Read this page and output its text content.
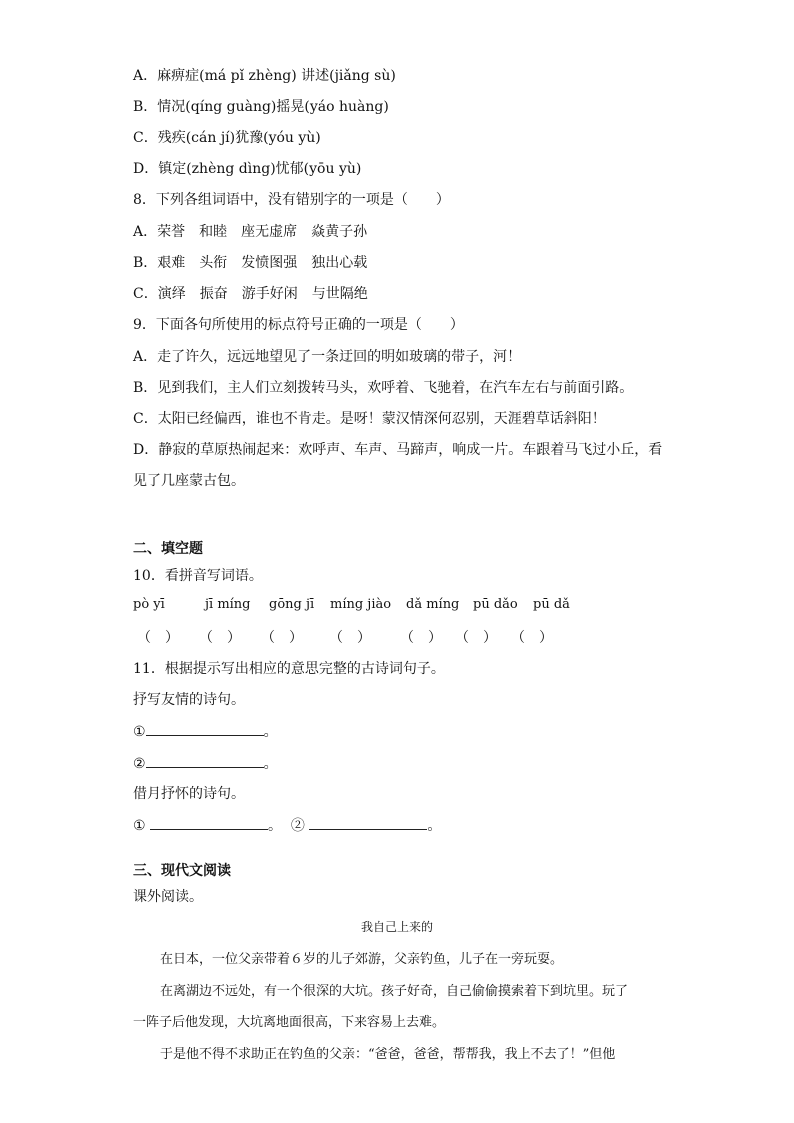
A．麻痹症(má pǐ zhèng) 讲述(jiǎng sù)
B．情况(qíng guàng)摇晃(yáo huàng)
C．残疾(cán jí)犹豫(yóu yù)
D．镇定(zhèng dìng)忧郁(yōu yù)
8．下列各组词语中，没有错别字的一项是（　　）
A．荣誉　和睦　座无虚席　焱黄子孙
B．艰难　头衔　发愤图强　独出心载
C．演绎　振奋　游手好闲　与世隔绝
9．下面各句所使用的标点符号正确的一项是（　　）
A．走了许久，远远地望见了一条迂回的明如玻璃的带子，河！
B．见到我们，主人们立刻拨转马头，欢呼着、飞驰着，在汽车左右与前面引路。
C．太阳已经偏西，谁也不肯走。是呀！蒙汉情深何忍别，天涯碧草话斜阳！
D．静寂的草原热闹起来：欢呼声、车声、马蹄声，响成一片。车跟着马飞过小丘，看
见了几座蒙古包。
二、填空题
10．看拼音写词语。
pò yī	jī míng gōng jī míng jiào dǎ míng pū dǎo pū dǎ
（　） （　） （　） （　） （　） （　） （　）
11．根据提示写出相应的意思完整的古诗词句子。
抒写友情的诗句。
①	。
②	。
借月抒怀的诗句。
①	。 ②	。
三、现代文阅读
课外阅读。
我自己上来的
在日本，一位父亲带着６岁的儿子郊游，父亲钓鱼，儿子在一旁玩耍。
在离湖边不远处，有一个很深的大坑。孩子好奇，自己偷偷摸索着下到坑里。玩了
一阵子后他发现，大坑离地面很高，下来容易上去难。
于是他不得不求助正在钓鱼的父亲：“爸爸，爸爸，帮帮我，我上不去了！”但他
